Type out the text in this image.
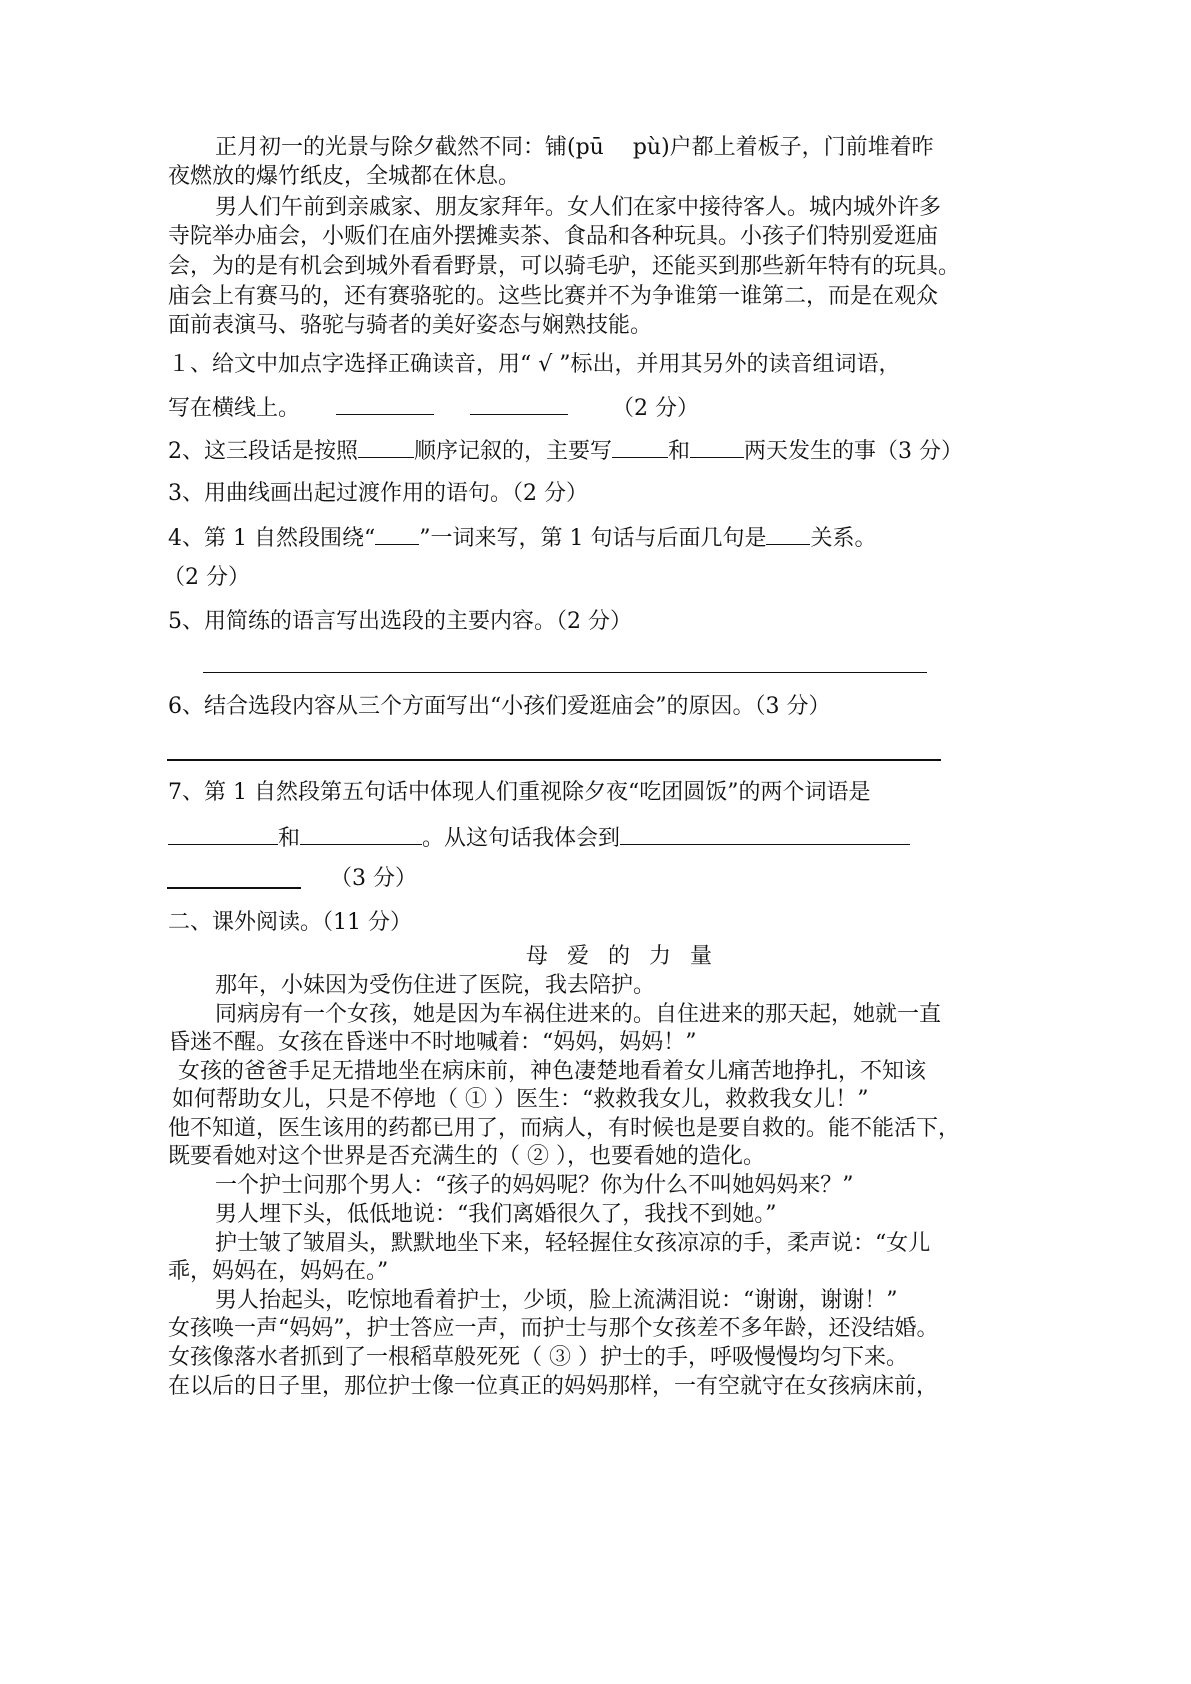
正月初一的光景与除夕截然不同：铺(pū　 pù)户都上着板子，门前堆着昨
夜燃放的爆竹纸皮，全城都在休息。
男人们午前到亲戚家、朋友家拜年。女人们在家中接待客人。城内城外许多
寺院举办庙会，小贩们在庙外摆摊卖茶、食品和各种玩具。小孩子们特别爱逛庙
会，为的是有机会到城外看看野景，可以骑毛驴，还能买到那些新年特有的玩具。
庙会上有赛马的，还有赛骆驼的。这些比赛并不为争谁第一谁第二，而是在观众
面前表演马、骆驼与骑者的美好姿态与娴熟技能。
１、给文中加点字选择正确读音，用“ √ ”标出，并用其另外的读音组词语，
写在横线上。	（2 分）
2、这三段话是按照	顺序记叙的，主要写	和 两天发生的事（3 分）
3、用曲线画出起过渡作用的语句。（2 分）
4、第 1 自然段围绕“ ”一词来写，第 1 句话与后面几句是 关系。
（2 分）
5、用简练的语言写出选段的主要内容。（2 分）
6、结合选段内容从三个方面写出“小孩们爱逛庙会”的原因。（3 分）
7、第 1 自然段第五句话中体现人们重视除夕夜“吃团圆饭”的两个词语是
和	。从这句话我体会到
（3 分）
二、课外阅读。（11 分）
母 爱 的 力 量
那年，小妹因为受伤住进了医院，我去陪护。
同病房有一个女孩，她是因为车祸住进来的。自住进来的那天起，她就一直
昏迷不醒。女孩在昏迷中不时地喊着：“妈妈，妈妈！”
女孩的爸爸手足无措地坐在病床前，神色凄楚地看着女儿痛苦地挣扎，不知该
如何帮助女儿，只是不停地（ ① ）医生：“救救我女儿，救救我女儿！”
他不知道，医生该用的药都已用了，而病人，有时候也是要自救的。能不能活下，
既要看她对这个世界是否充满生的（ ② ），也要看她的造化。
一个护士问那个男人：“孩子的妈妈呢？你为什么不叫她妈妈来？”
男人埋下头，低低地说：“我们离婚很久了，我找不到她。”
护士皱了皱眉头，默默地坐下来，轻轻握住女孩凉凉的手，柔声说：“女儿
乖，妈妈在，妈妈在。”
男人抬起头，吃惊地看着护士，少顷，脸上流满泪说：“谢谢，谢谢！”
女孩唤一声“妈妈”，护士答应一声，而护士与那个女孩差不多年龄，还没结婚。
女孩像落水者抓到了一根稻草般死死（ ③ ）护士的手，呼吸慢慢均匀下来。
在以后的日子里，那位护士像一位真正的妈妈那样，一有空就守在女孩病床前，
